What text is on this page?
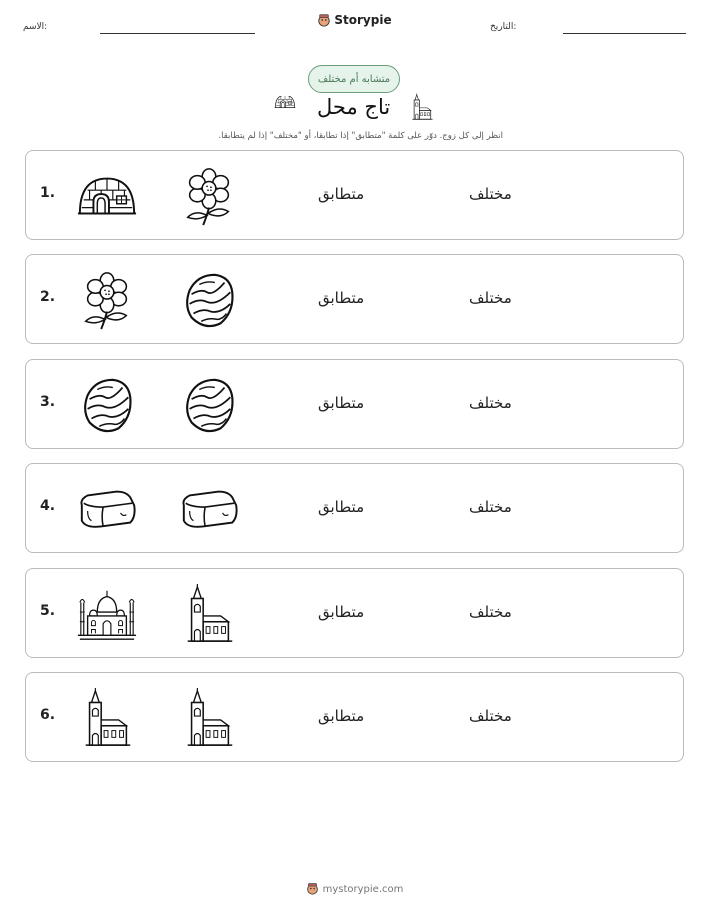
الاسم:	Storypie	التاريخ:
متشابه أم مختلف
تاج محل
انظر إلى كل زوج. دوّر على كلمة "متطابق" إذا تطابقا، أو "مختلف" إذا لم يتطابقا.
1.	متطابق	مختلف
2.	متطابق	مختلف
3.	متطابق	مختلف
4.	متطابق	مختلف
5.	متطابق	مختلف
6.	متطابق	مختلف
mystorypie.com
